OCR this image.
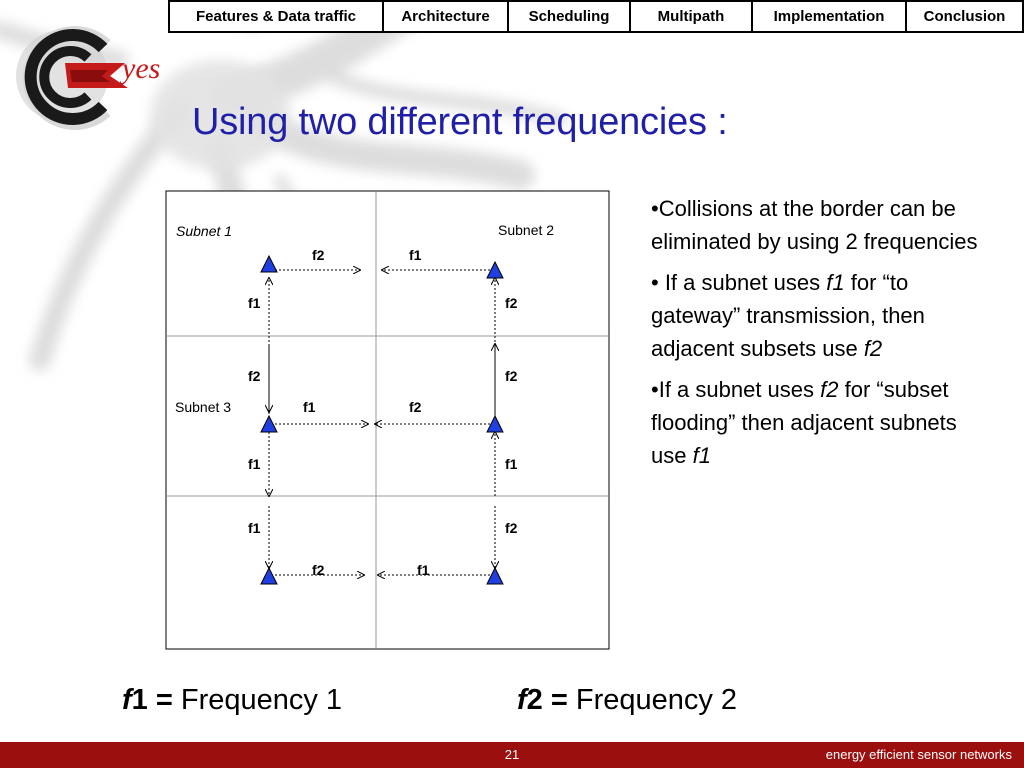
yes
Features & Data traffic	Architecture	Scheduling	Multipath	Implementation	Conclusion
Using two different frequencies :
Subnet 1	Subnet 2
Subnet 3
f2	f1
f1	f2
f2	f2
f1	f2
f1	f1
f1	f2
f2	f1
•Collisions at the border can be eliminated by using 2 frequencies
• If a subnet uses f1 for “to gateway” transmission, then adjacent subsets use f2
•If a subnet uses f2 for “subset flooding” then adjacent subnets use f1
f1 = Frequency 1	f2 = Frequency 2
21	energy efficient sensor networks
